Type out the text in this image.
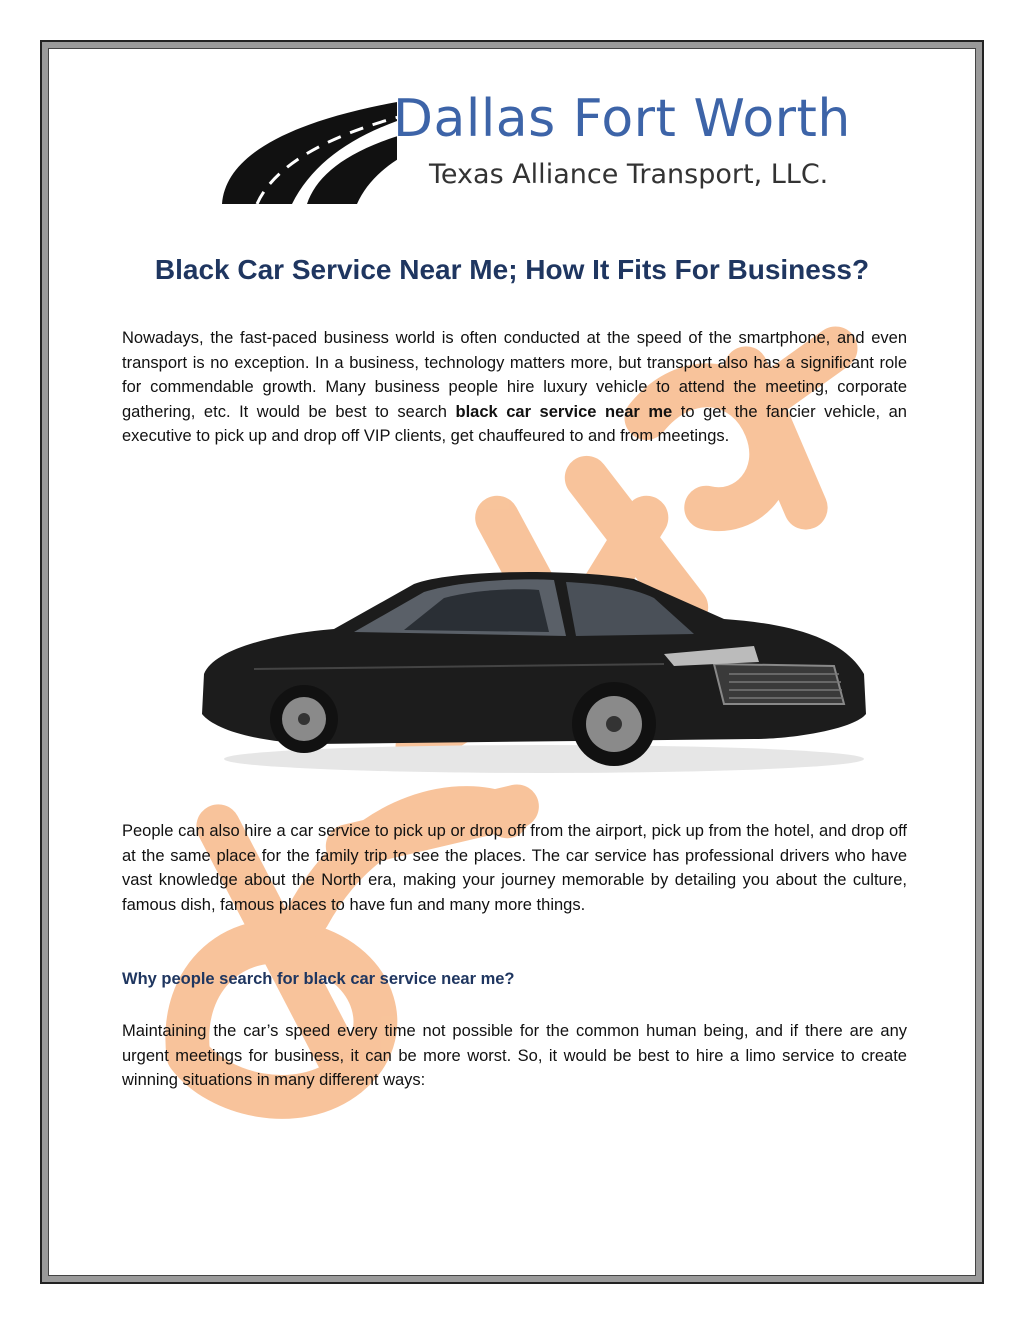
Dallas Fort Worth
Texas Alliance Transport, LLC.
Black Car Service Near Me; How It Fits For Business?
Nowadays, the fast-paced business world is often conducted at the speed of the smartphone, and even transport is no exception. In a business, technology matters more, but transport also has a significant role for commendable growth. Many business people hire luxury vehicle to attend the meeting, corporate gathering, etc. It would be best to search black car service near me to get the fancier vehicle, an executive to pick up and drop off VIP clients, get chauffeured to and from meetings.
People can also hire a car service to pick up or drop off from the airport, pick up from the hotel, and drop off at the same place for the family trip to see the places. The car service has professional drivers who have vast knowledge about the North era, making your journey memorable by detailing you about the culture, famous dish, famous places to have fun and many more things.
Why people search for black car service near me?
Maintaining the car’s speed every time not possible for the common human being, and if there are any urgent meetings for business, it can be more worst. So, it would be best to hire a limo service to create winning situations in many different ways:
